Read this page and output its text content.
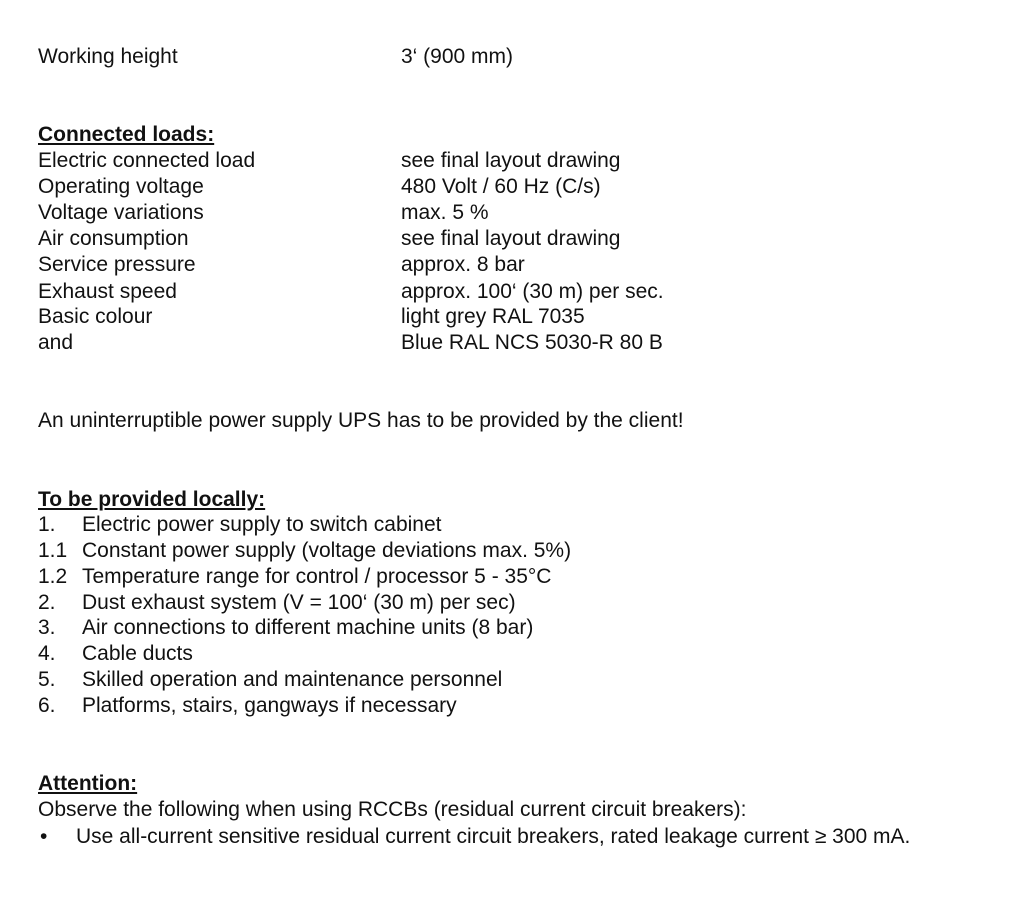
Working height	3‘ (900 mm)
Connected loads:
Electric connected load	see final layout drawing
Operating voltage	480 Volt / 60 Hz (C/s)
Voltage variations	max. 5 %
Air consumption	see final layout drawing
Service pressure	approx. 8 bar
Exhaust speed	approx. 100‘ (30 m) per sec.
Basic colour	light grey RAL 7035
and	Blue RAL NCS 5030-R 80 B
An uninterruptible power supply UPS has to be provided by the client!
To be provided locally:
1. Electric power supply to switch cabinet
1.1 Constant power supply (voltage deviations max. 5%)
1.2 Temperature range for control / processor 5 - 35°C
2. Dust exhaust system (V = 100‘ (30 m) per sec)
3. Air connections to different machine units (8 bar)
4. Cable ducts
5. Skilled operation and maintenance personnel
6. Platforms, stairs, gangways if necessary
Attention:
Observe the following when using RCCBs (residual current circuit breakers):
• Use all-current sensitive residual current circuit breakers, rated leakage current ≥ 300 mA.
